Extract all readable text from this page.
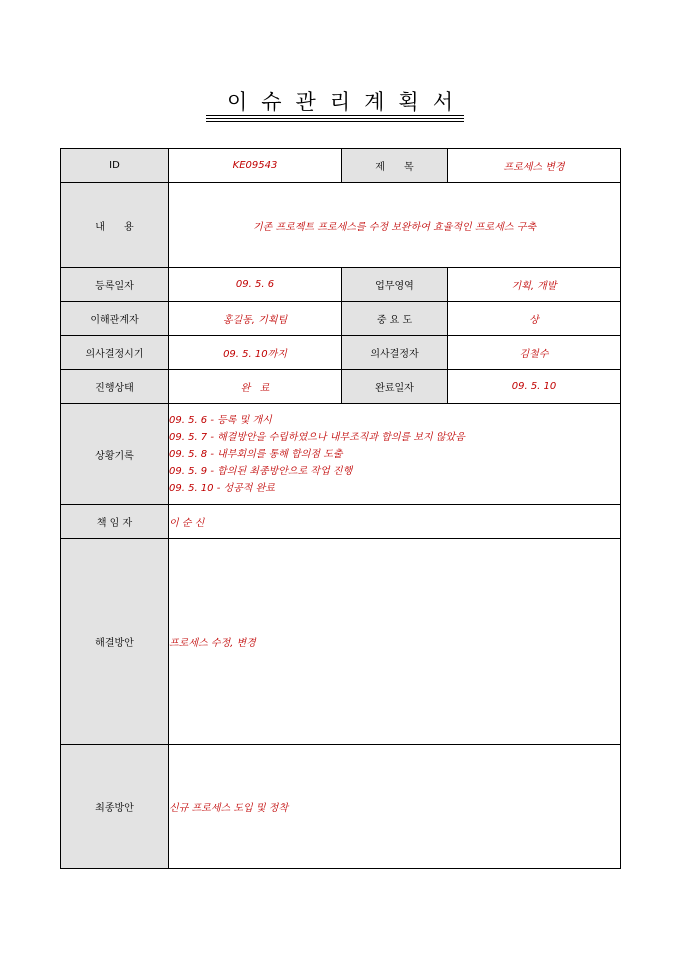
이슈관리계획서
ID	KE09543	제      목	프로세스 변경
내      용	기존 프로젝트 프로세스를 수정 보완하여 효율적인 프로세스 구축		
등록일자	09. 5. 6	업무영역	기획, 개발
이해관계자	홍길동, 기획팀	중 요 도	상
의사결정시기	09. 5. 10까지	의사결정자	김철수
진행상태	완   료	완료일자	09. 5. 10
상황기록	09. 5. 6 - 등록 및 개시
09. 5. 7 - 해결방안을 수립하였으나 내부조직과 합의를 보지 않았음
09. 5. 8 - 내부회의를 통해 합의점 도출
09. 5. 9 - 합의된 최종방안으로 작업 진행
09. 5. 10 - 성공적 완료		

책 임 자	이 순 신		
해결방안	프로세스 수정, 변경		
최종방안	신규 프로세스 도입 및 정착		
